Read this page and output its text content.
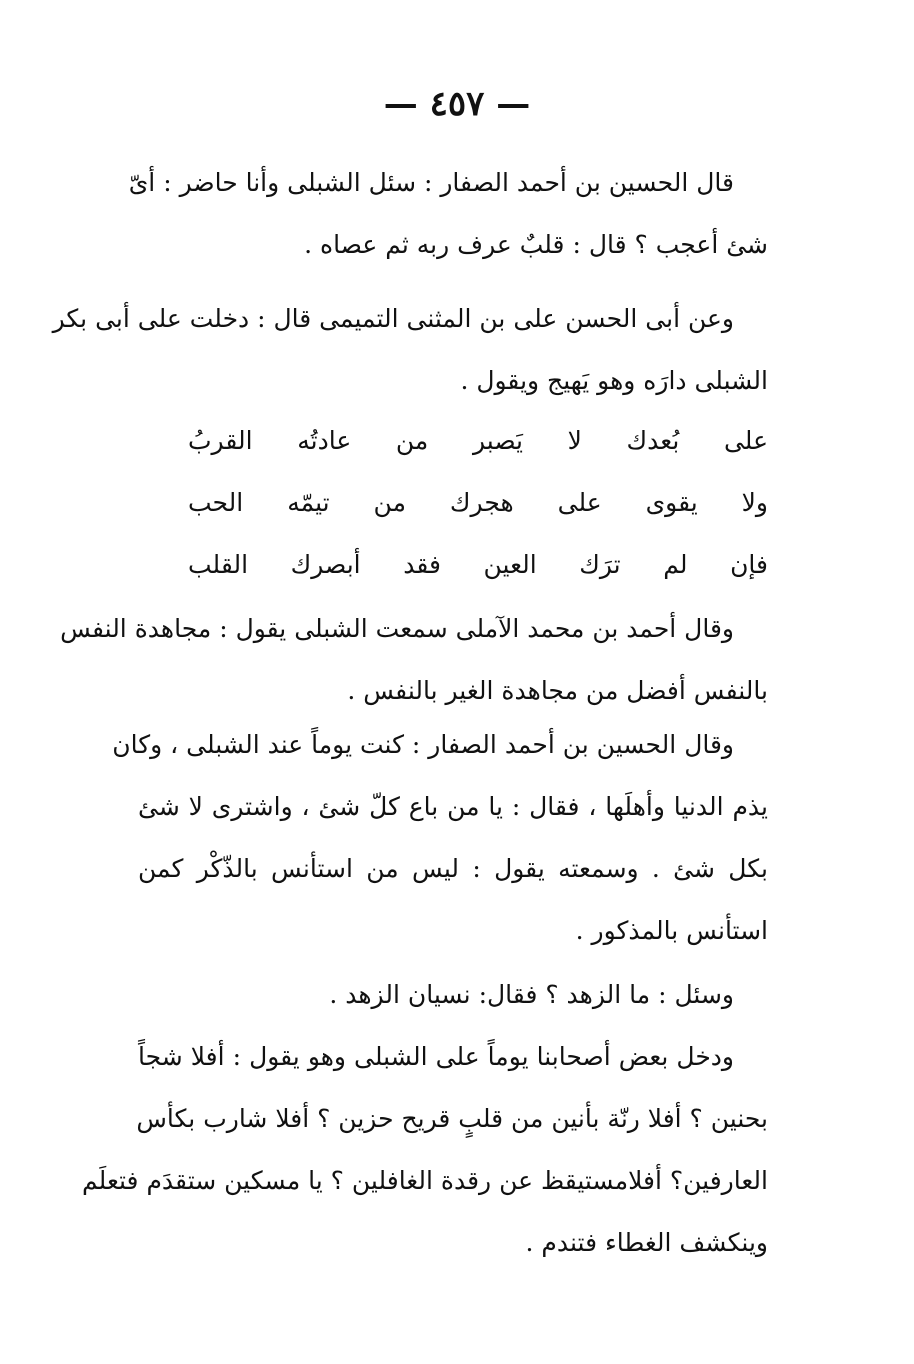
— ٤٥٧ —
قال الحسين بن أحمد الصفار : سئل الشبلى وأنا حاضر : أىّ
شئ أعجب ؟ قال : قلبٌ عرف ربه ثم عصاه .
وعن أبى الحسن على بن المثنى التميمى قال : دخلت على أبى بكر
الشبلى دارَه وهو يَهيج ويقول .
على بُعدك لا يَصبر من عادتُه القربُ
ولا يقوى على هجرك من تيمّه الحب
فإن لم ترَك العين فقد أبصرك القلب
وقال أحمد بن محمد الآملى سمعت الشبلى يقول : مجاهدة النفس
بالنفس أفضل من مجاهدة الغير بالنفس .
وقال الحسين بن أحمد الصفار : كنت يوماً عند الشبلى ، وكان
يذم الدنيا وأهلَها ، فقال : يا من باع كلّ شئ ، واشترى لا شئ
بكل شئ . وسمعته يقول : ليس من استأنس بالذّكْر كمن
استأنس بالمذكور .
وسئل : ما الزهد ؟ فقال: نسيان الزهد .
ودخل بعض أصحابنا يوماً على الشبلى وهو يقول : أفلا شجاً
بحنين ؟ أفلا رنّة بأنين من قلبٍ قريح حزين ؟ أفلا شارب بكأس
العارفين؟ أفلامستيقظ عن رقدة الغافلين ؟ يا مسكين ستقدَم فتعلَم
وينكشف الغطاء فتندم .
